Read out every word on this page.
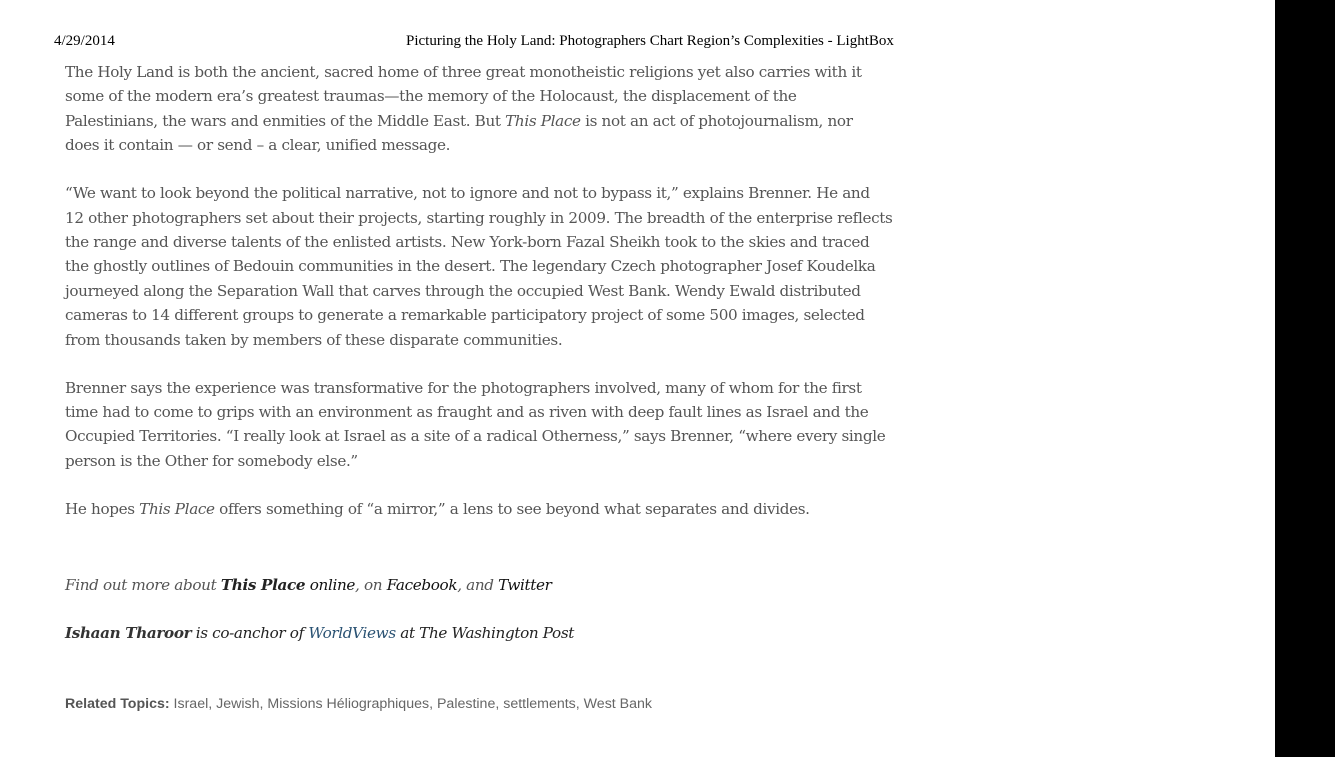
4/29/2014	Picturing the Holy Land: Photographers Chart Region’s Complexities - LightBox

The Holy Land is both the ancient, sacred home of three great monotheistic religions yet also carries with it
some of the modern era’s greatest traumas—the memory of the Holocaust, the displacement of the
Palestinians, the wars and enmities of the Middle East. But This Place is not an act of photojournalism, nor
does it contain — or send – a clear, unified message.

“We want to look beyond the political narrative, not to ignore and not to bypass it,” explains Brenner. He and
12 other photographers set about their projects, starting roughly in 2009. The breadth of the enterprise reflects
the range and diverse talents of the enlisted artists. New York-born Fazal Sheikh took to the skies and traced
the ghostly outlines of Bedouin communities in the desert. The legendary Czech photographer Josef Koudelka
journeyed along the Separation Wall that carves through the occupied West Bank. Wendy Ewald distributed
cameras to 14 different groups to generate a remarkable participatory project of some 500 images, selected
from thousands taken by members of these disparate communities.

Brenner says the experience was transformative for the photographers involved, many of whom for the first
time had to come to grips with an environment as fraught and as riven with deep fault lines as Israel and the
Occupied Territories. “I really look at Israel as a site of a radical Otherness,” says Brenner, “where every single
person is the Other for somebody else.”

He hopes This Place offers something of “a mirror,” a lens to see beyond what separates and divides.

Find out more about This Place online, on Facebook, and Twitter

Ishaan Tharoor is co-anchor of WorldViews at The Washington Post

Related Topics: Israel, Jewish, Missions Héliographiques, Palestine, settlements, West Bank
